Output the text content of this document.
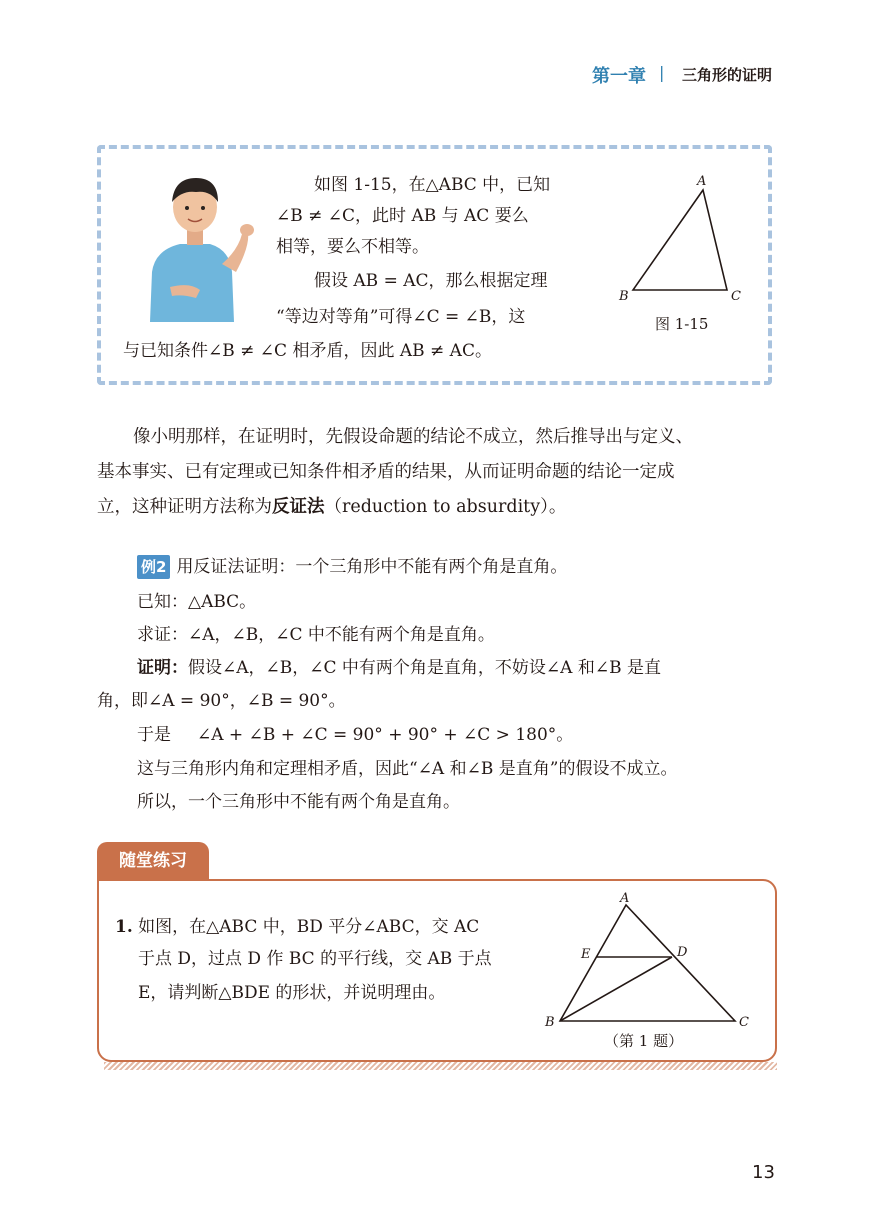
第一章 | 三角形的证明
如图 1-15，在△ABC 中，已知
∠B ≠ ∠C，此时 AB 与 AC 要么
相等，要么不相等。
假设 AB = AC，那么根据定理
“等边对等角”可得∠C = ∠B，这
与已知条件∠B ≠ ∠C 相矛盾，因此 AB ≠ AC。
A
B	C
图 1-15
像小明那样，在证明时，先假设命题的结论不成立，然后推导出与定义、
基本事实、已有定理或已知条件相矛盾的结果，从而证明命题的结论一定成
立，这种证明方法称为反证法（reduction to absurdity）。
例2 用反证法证明：一个三角形中不能有两个角是直角。
已知：△ABC。
求证：∠A，∠B，∠C 中不能有两个角是直角。
证明：假设∠A，∠B，∠C 中有两个角是直角，不妨设∠A 和∠B 是直
角，即∠A = 90°，∠B = 90°。
于是 ∠A + ∠B + ∠C = 90° + 90° + ∠C > 180°。
这与三角形内角和定理相矛盾，因此“∠A 和∠B 是直角”的假设不成立。
所以，一个三角形中不能有两个角是直角。
随堂练习
1. 如图，在△ABC 中，BD 平分∠ABC，交 AC
于点 D，过点 D 作 BC 的平行线，交 AB 于点
E，请判断△BDE 的形状，并说明理由。
A
B	C
D
E
（第 1 题）
13
